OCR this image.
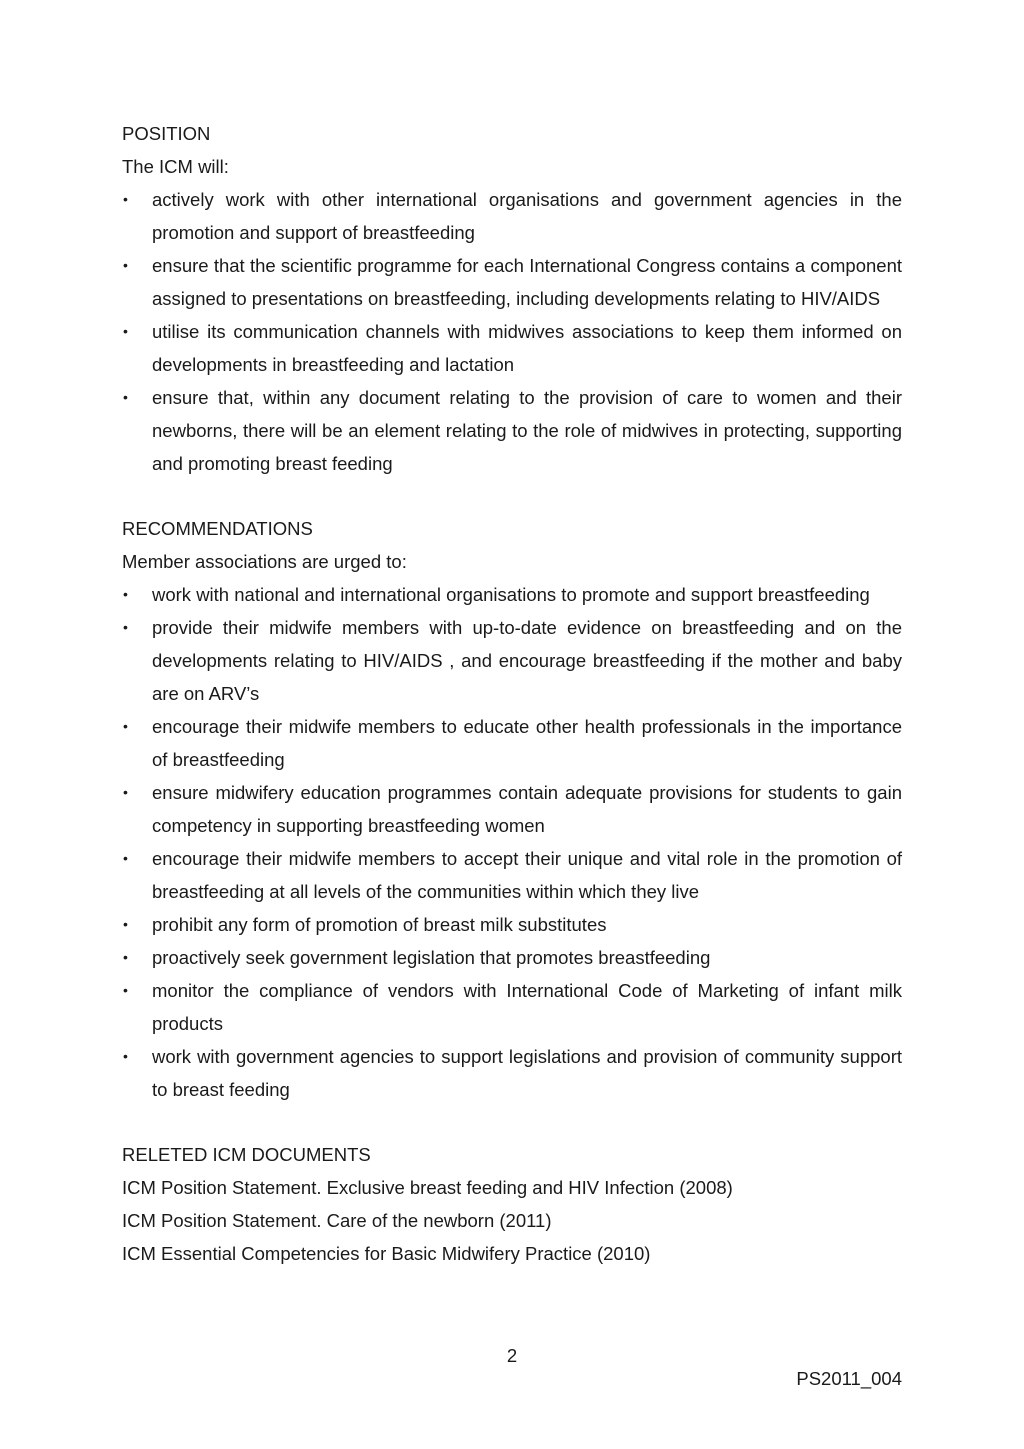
POSITION

The ICM will:

•
actively work with other international organisations and government agencies in the promotion and support of breastfeeding
•
ensure that the scientific programme for each International Congress contains a component assigned to presentations on breastfeeding, including developments relating to HIV/AIDS
•
utilise its communication channels with midwives associations to keep them informed on developments in breastfeeding and lactation
•
ensure that, within any document relating to the provision of care to women and their newborns, there will be an element relating to the role of midwives in protecting, supporting and promoting breast feeding

RECOMMENDATIONS

Member associations are urged to:

•
work with national and international organisations to promote and support breastfeeding
•
provide their midwife members with up-to-date evidence on breastfeeding and on the developments relating to HIV/AIDS , and encourage breastfeeding if the mother and baby are on ARV’s
•
encourage their midwife members to educate other health professionals in the importance of breastfeeding
•
ensure midwifery education programmes contain adequate provisions for students to gain competency in supporting breastfeeding women
•
encourage their midwife members to accept their unique and vital role in the promotion of breastfeeding at all levels of the communities within which they live
•
prohibit any form of promotion of breast milk substitutes
•
proactively seek government legislation that promotes breastfeeding
•
monitor the compliance of vendors with International Code of Marketing of infant milk products
•
work with government agencies to support legislations and provision of community support to breast feeding

RELETED ICM DOCUMENTS

ICM Position Statement. Exclusive breast feeding and HIV Infection (2008)

ICM Position Statement. Care of the newborn (2011)

ICM Essential Competencies for Basic Midwifery Practice (2010)

2
PS2011_004
